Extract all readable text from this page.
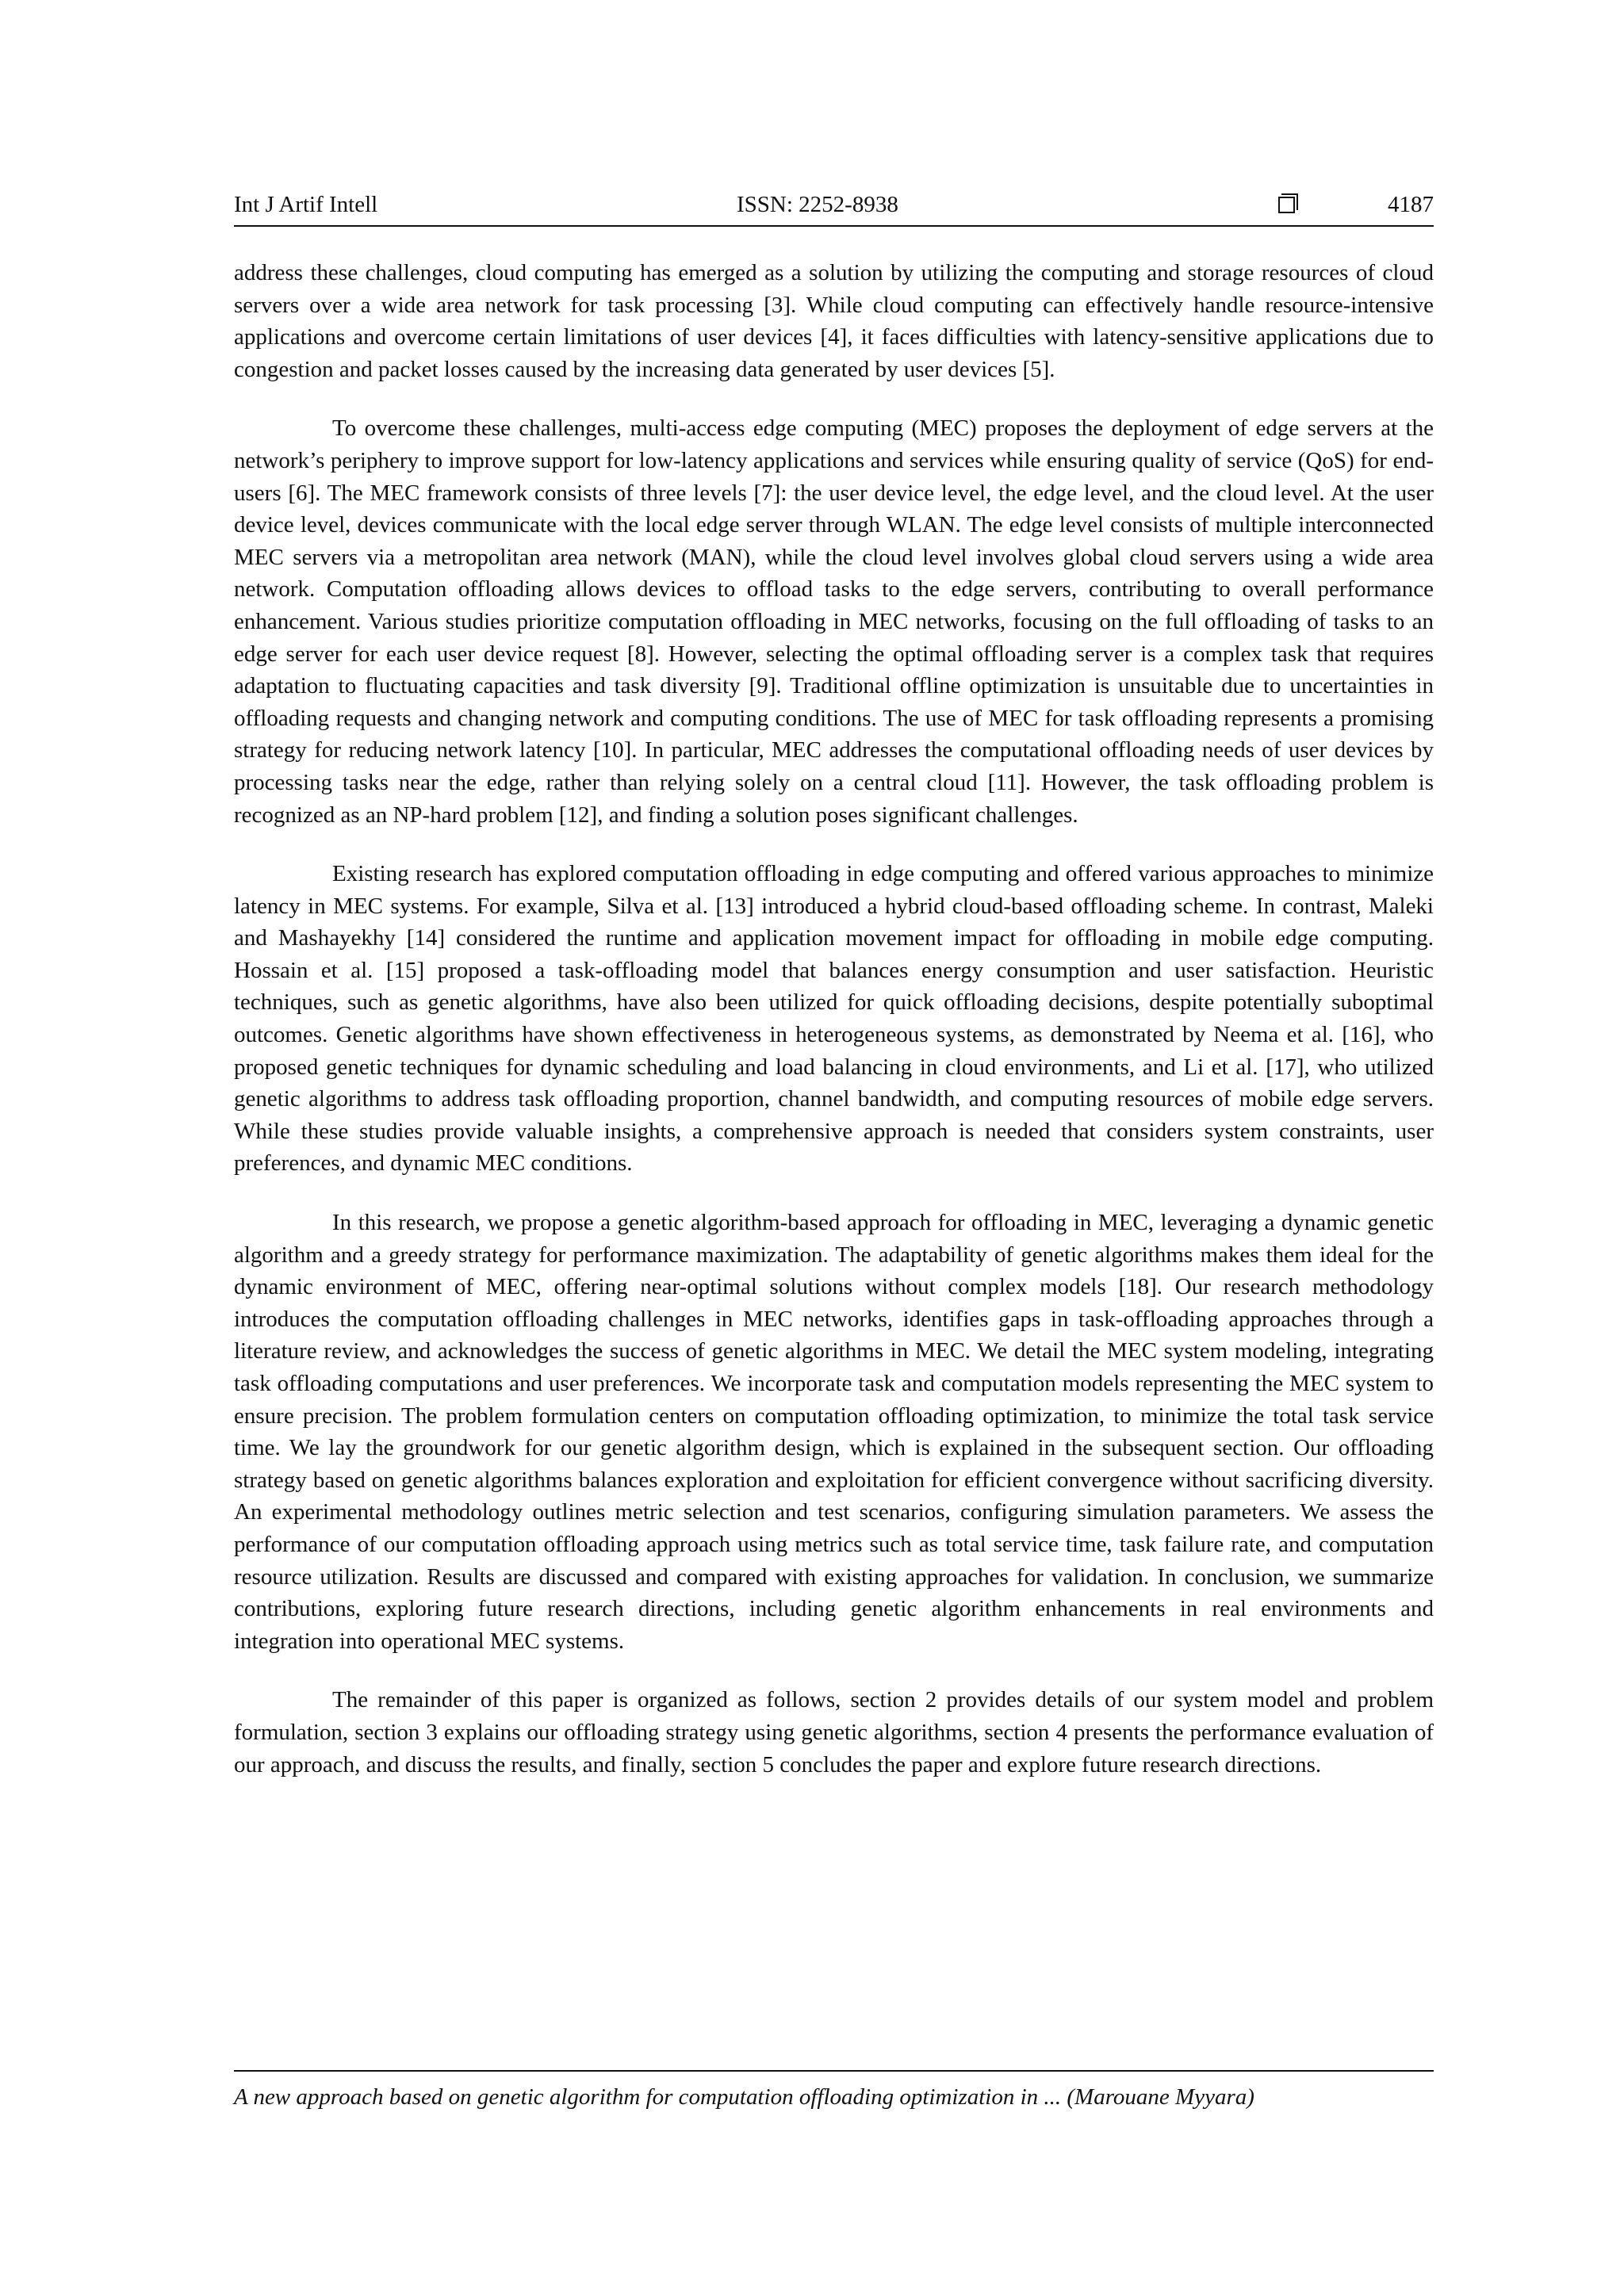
Int J Artif Intell	ISSN: 2252-8938	4187

address these challenges, cloud computing has emerged as a solution by utilizing the computing and storage resources of cloud servers over a wide area network for task processing [3]. While cloud computing can effectively handle resource-intensive applications and overcome certain limitations of user devices [4], it faces difficulties with latency-sensitive applications due to congestion and packet losses caused by the increasing data generated by user devices [5].

To overcome these challenges, multi-access edge computing (MEC) proposes the deployment of edge servers at the network’s periphery to improve support for low-latency applications and services while ensuring quality of service (QoS) for end-users [6]. The MEC framework consists of three levels [7]: the user device level, the edge level, and the cloud level. At the user device level, devices communicate with the local edge server through WLAN. The edge level consists of multiple interconnected MEC servers via a metropolitan area network (MAN), while the cloud level involves global cloud servers using a wide area network. Computation offloading allows devices to offload tasks to the edge servers, contributing to overall performance enhancement. Various studies prioritize computation offloading in MEC networks, focusing on the full offloading of tasks to an edge server for each user device request [8]. However, selecting the optimal offloading server is a complex task that requires adaptation to fluctuating capacities and task diversity [9]. Traditional offline optimization is unsuitable due to uncertainties in offloading requests and changing network and computing conditions. The use of MEC for task offloading represents a promising strategy for reducing network latency [10]. In particular, MEC addresses the computational offloading needs of user devices by processing tasks near the edge, rather than relying solely on a central cloud [11]. However, the task offloading problem is recognized as an NP-hard problem [12], and finding a solution poses significant challenges.

Existing research has explored computation offloading in edge computing and offered various approaches to minimize latency in MEC systems. For example, Silva et al. [13] introduced a hybrid cloud-based offloading scheme. In contrast, Maleki and Mashayekhy [14] considered the runtime and application movement impact for offloading in mobile edge computing. Hossain et al. [15] proposed a task-offloading model that balances energy consumption and user satisfaction. Heuristic techniques, such as genetic algorithms, have also been utilized for quick offloading decisions, despite potentially suboptimal outcomes. Genetic algorithms have shown effectiveness in heterogeneous systems, as demonstrated by Neema et al. [16], who proposed genetic techniques for dynamic scheduling and load balancing in cloud environments, and Li et al. [17], who utilized genetic algorithms to address task offloading proportion, channel bandwidth, and computing resources of mobile edge servers. While these studies provide valuable insights, a comprehensive approach is needed that considers system constraints, user preferences, and dynamic MEC conditions.

In this research, we propose a genetic algorithm-based approach for offloading in MEC, leveraging a dynamic genetic algorithm and a greedy strategy for performance maximization. The adaptability of genetic algorithms makes them ideal for the dynamic environment of MEC, offering near-optimal solutions without complex models [18]. Our research methodology introduces the computation offloading challenges in MEC networks, identifies gaps in task-offloading approaches through a literature review, and acknowledges the success of genetic algorithms in MEC. We detail the MEC system modeling, integrating task offloading computations and user preferences. We incorporate task and computation models representing the MEC system to ensure precision. The problem formulation centers on computation offloading optimization, to minimize the total task service time. We lay the groundwork for our genetic algorithm design, which is explained in the subsequent section. Our offloading strategy based on genetic algorithms balances exploration and exploitation for efficient convergence without sacrificing diversity. An experimental methodology outlines metric selection and test scenarios, configuring simulation parameters. We assess the performance of our computation offloading approach using metrics such as total service time, task failure rate, and computation resource utilization. Results are discussed and compared with existing approaches for validation. In conclusion, we summarize contributions, exploring future research directions, including genetic algorithm enhancements in real environments and integration into operational MEC systems.

The remainder of this paper is organized as follows, section 2 provides details of our system model and problem formulation, section 3 explains our offloading strategy using genetic algorithms, section 4 presents the performance evaluation of our approach, and discuss the results, and finally, section 5 concludes the paper and explore future research directions.

A new approach based on genetic algorithm for computation offloading optimization in ... (Marouane Myyara)
